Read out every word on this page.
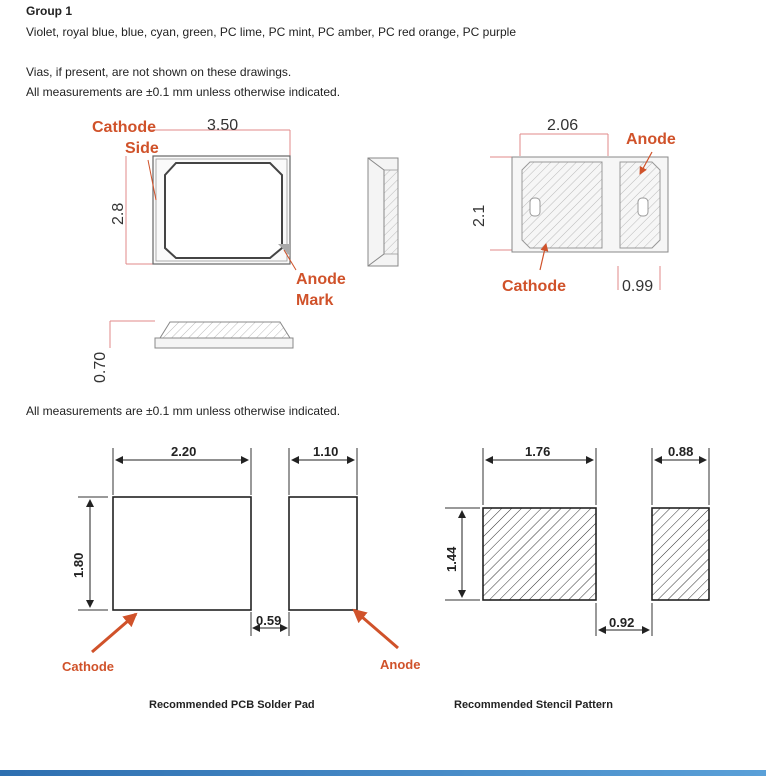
Group 1
Violet, royal blue, blue, cyan, green, PC lime, PC mint, PC amber, PC red orange, PC purple
Vias, if present, are not shown on these drawings.
All measurements are ±0.1 mm unless otherwise indicated.
All measurements are ±0.1 mm unless otherwise indicated.
Cathode
Side
3.50
2.8
Anode
Mark
0.70
2.06
Anode
2.1
Cathode	0.99
2.20	1.10
1.80
0.59
Cathode	Anode
Recommended PCB Solder Pad
1.76	0.88
1.44
0.92
Recommended Stencil Pattern
